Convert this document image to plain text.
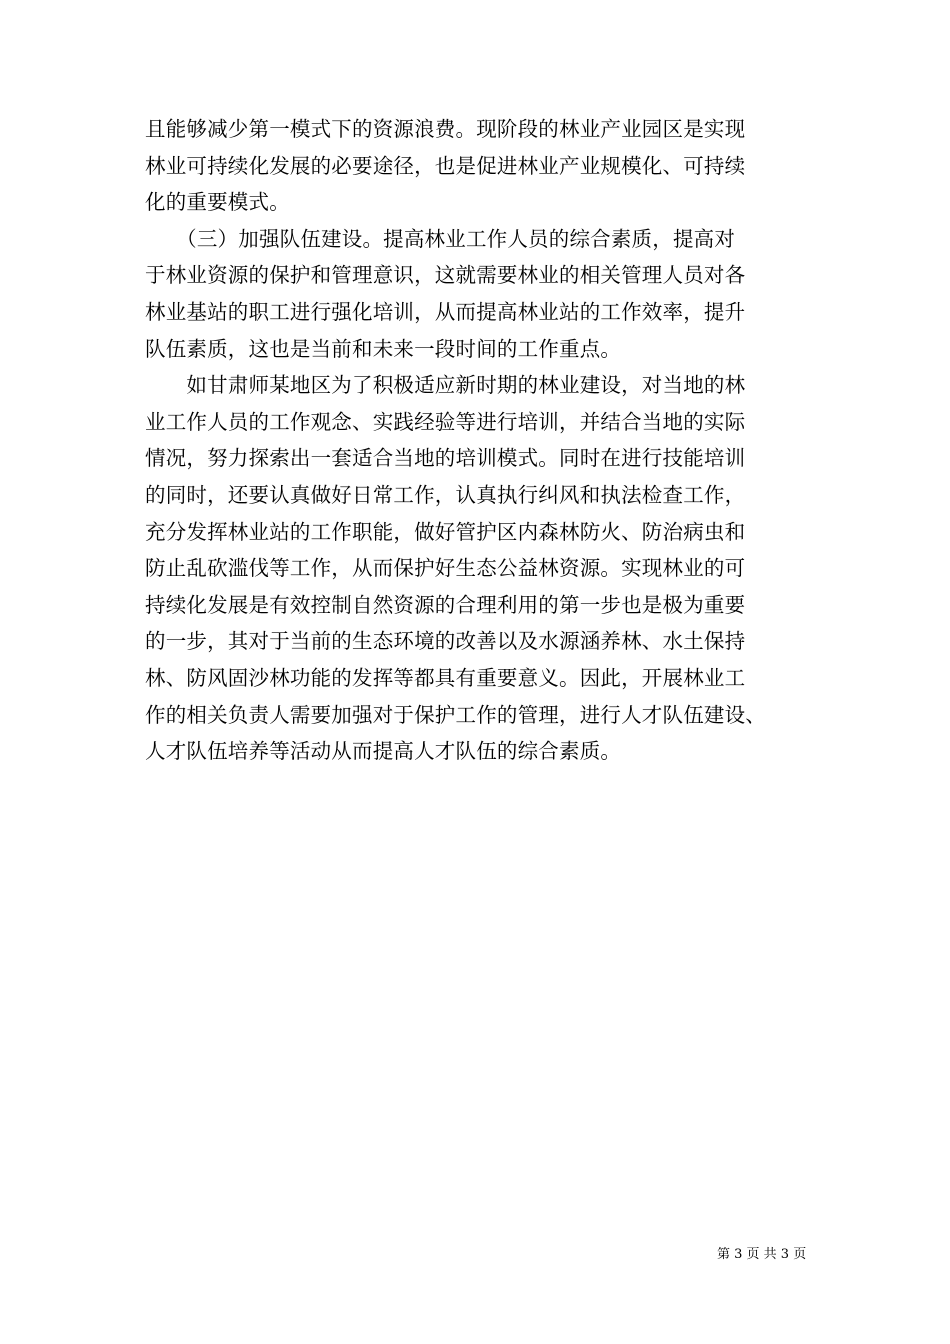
且能够减少第一模式下的资源浪费。现阶段的林业产业园区是实现
林业可持续化发展的必要途径，也是促进林业产业规模化、可持续
化的重要模式。
　　（三）加强队伍建设。提高林业工作人员的综合素质，提高对
于林业资源的保护和管理意识，这就需要林业的相关管理人员对各
林业基站的职工进行强化培训，从而提高林业站的工作效率，提升
队伍素质，这也是当前和未来一段时间的工作重点。
　　如甘肃师某地区为了积极适应新时期的林业建设，对当地的林
业工作人员的工作观念、实践经验等进行培训，并结合当地的实际
情况，努力探索出一套适合当地的培训模式。同时在进行技能培训
的同时，还要认真做好日常工作，认真执行纠风和执法检查工作，
充分发挥林业站的工作职能，做好管护区内森林防火、防治病虫和
防止乱砍滥伐等工作，从而保护好生态公益林资源。实现林业的可
持续化发展是有效控制自然资源的合理利用的第一步也是极为重要
的一步，其对于当前的生态环境的改善以及水源涵养林、水土保持
林、防风固沙林功能的发挥等都具有重要意义。因此，开展林业工
作的相关负责人需要加强对于保护工作的管理，进行人才队伍建设、
人才队伍培养等活动从而提高人才队伍的综合素质。
第 3 页 共 3 页
